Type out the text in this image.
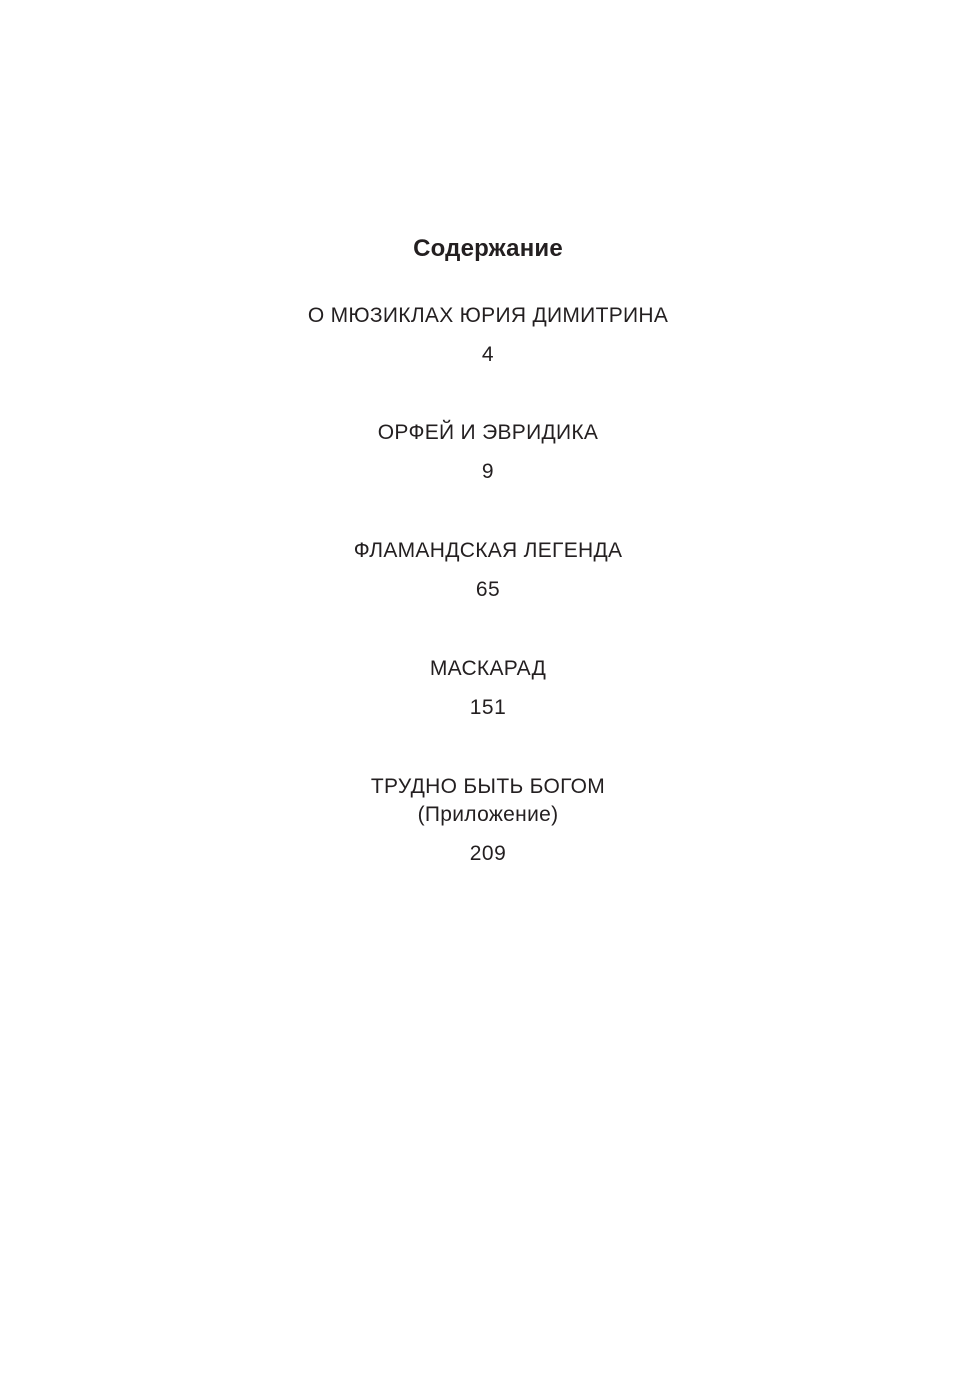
Содержание
О МЮЗИКЛАХ ЮРИЯ ДИМИТРИНА
4
ОРФЕЙ И ЭВРИДИКА
9
ФЛАМАНДСКАЯ ЛЕГЕНДА
65
МАСКАРАД
151
ТРУДНО БЫТЬ БОГОМ
(Приложение)
209
